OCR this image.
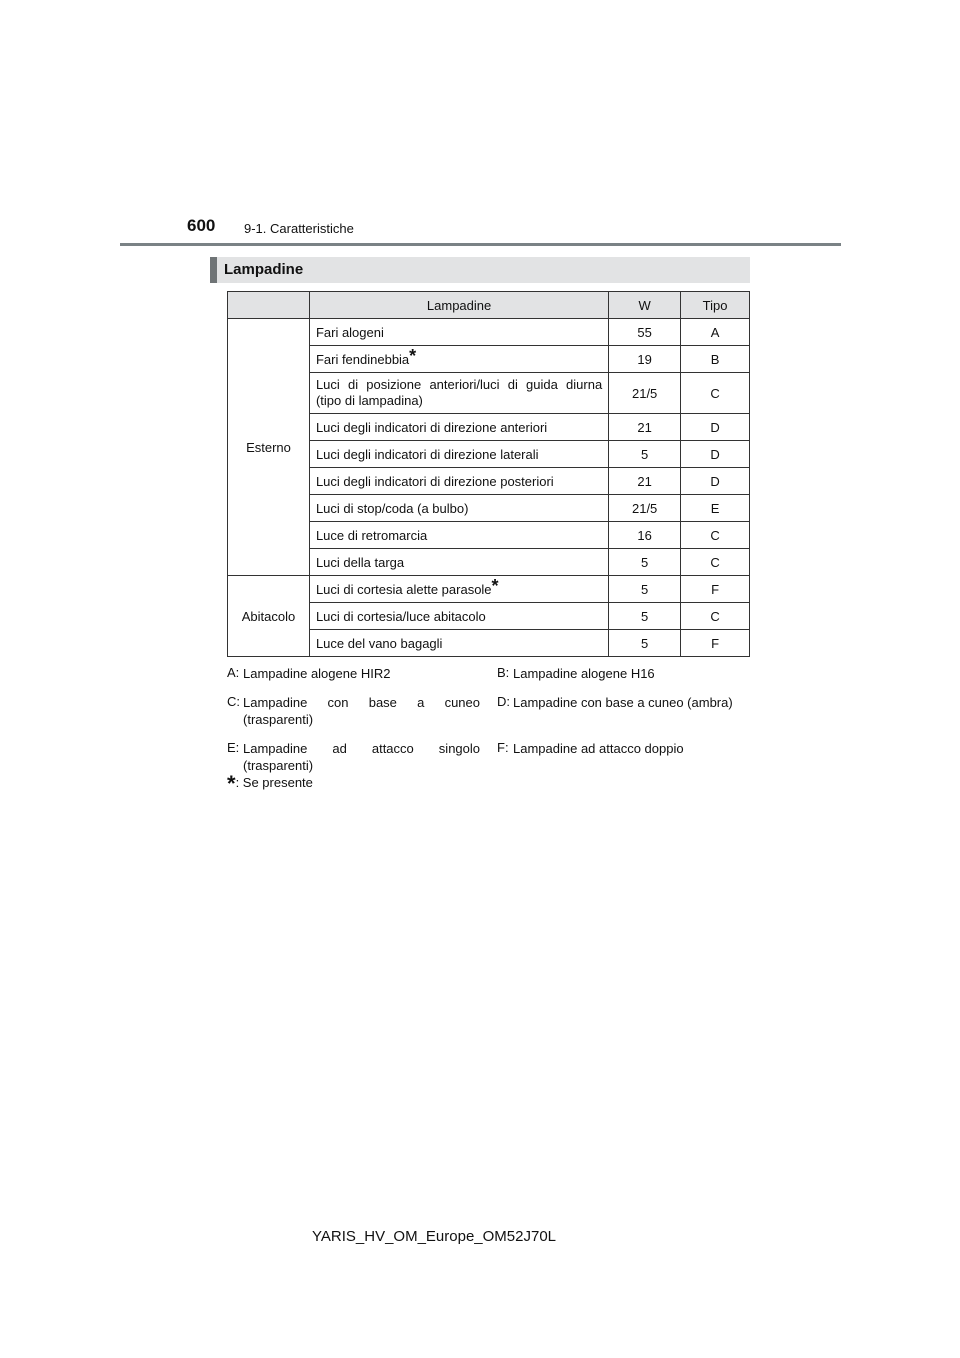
600 9-1. Caratteristiche
Lampadine
	Lampadine	W	Tipo
Esterno	Fari alogeni	55	A
	Fari fendinebbia*	19	B
	Luci di posizione anteriori/luci di guida diurna (tipo di lampadina)	21/5	C
	Luci degli indicatori di direzione anteriori	21	D
	Luci degli indicatori di direzione laterali	5	D
	Luci degli indicatori di direzione posteriori	21	D
	Luci di stop/coda (a bulbo)	21/5	E
	Luce di retromarcia	16	C
	Luci della targa	5	C
Abitacolo	Luci di cortesia alette parasole*	5	F
	Luci di cortesia/luce abitacolo	5	C
	Luce del vano bagagli	5	F
A: Lampadine alogene HIR2	B: Lampadine alogene H16
C: Lampadine con base a cuneo (trasparenti)
D: Lampadine con base a cuneo (ambra)
E: Lampadine ad attacco singolo (trasparenti)
F: Lampadine ad attacco doppio
*: Se presente
YARIS_HV_OM_Europe_OM52J70L
